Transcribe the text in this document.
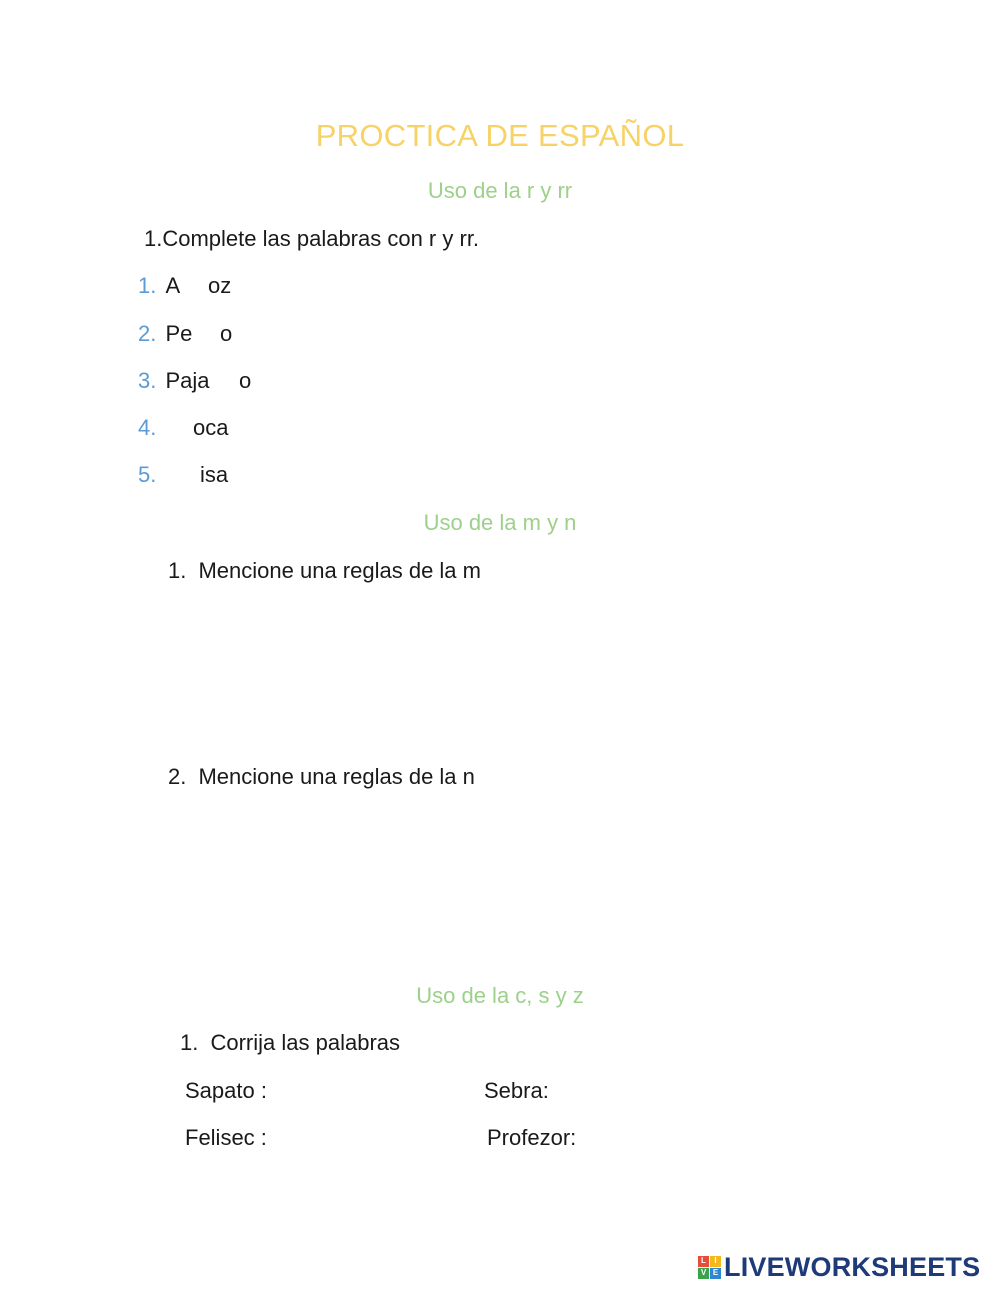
PROCTICA DE ESPAÑOL
Uso de la r y rr
1.Complete las palabras con r y rr.
1. A oz
2. Pe o
3. Paja o
4. oca
5. isa
Uso de la m y n
1. Mencione una reglas de la m
2. Mencione una reglas de la n
Uso de la c, s y z
1. Corrija las palabras
Sapato :	Sebra:
Felisec :	Profezor:
L	I
V E LIVEWORKSHEETS
